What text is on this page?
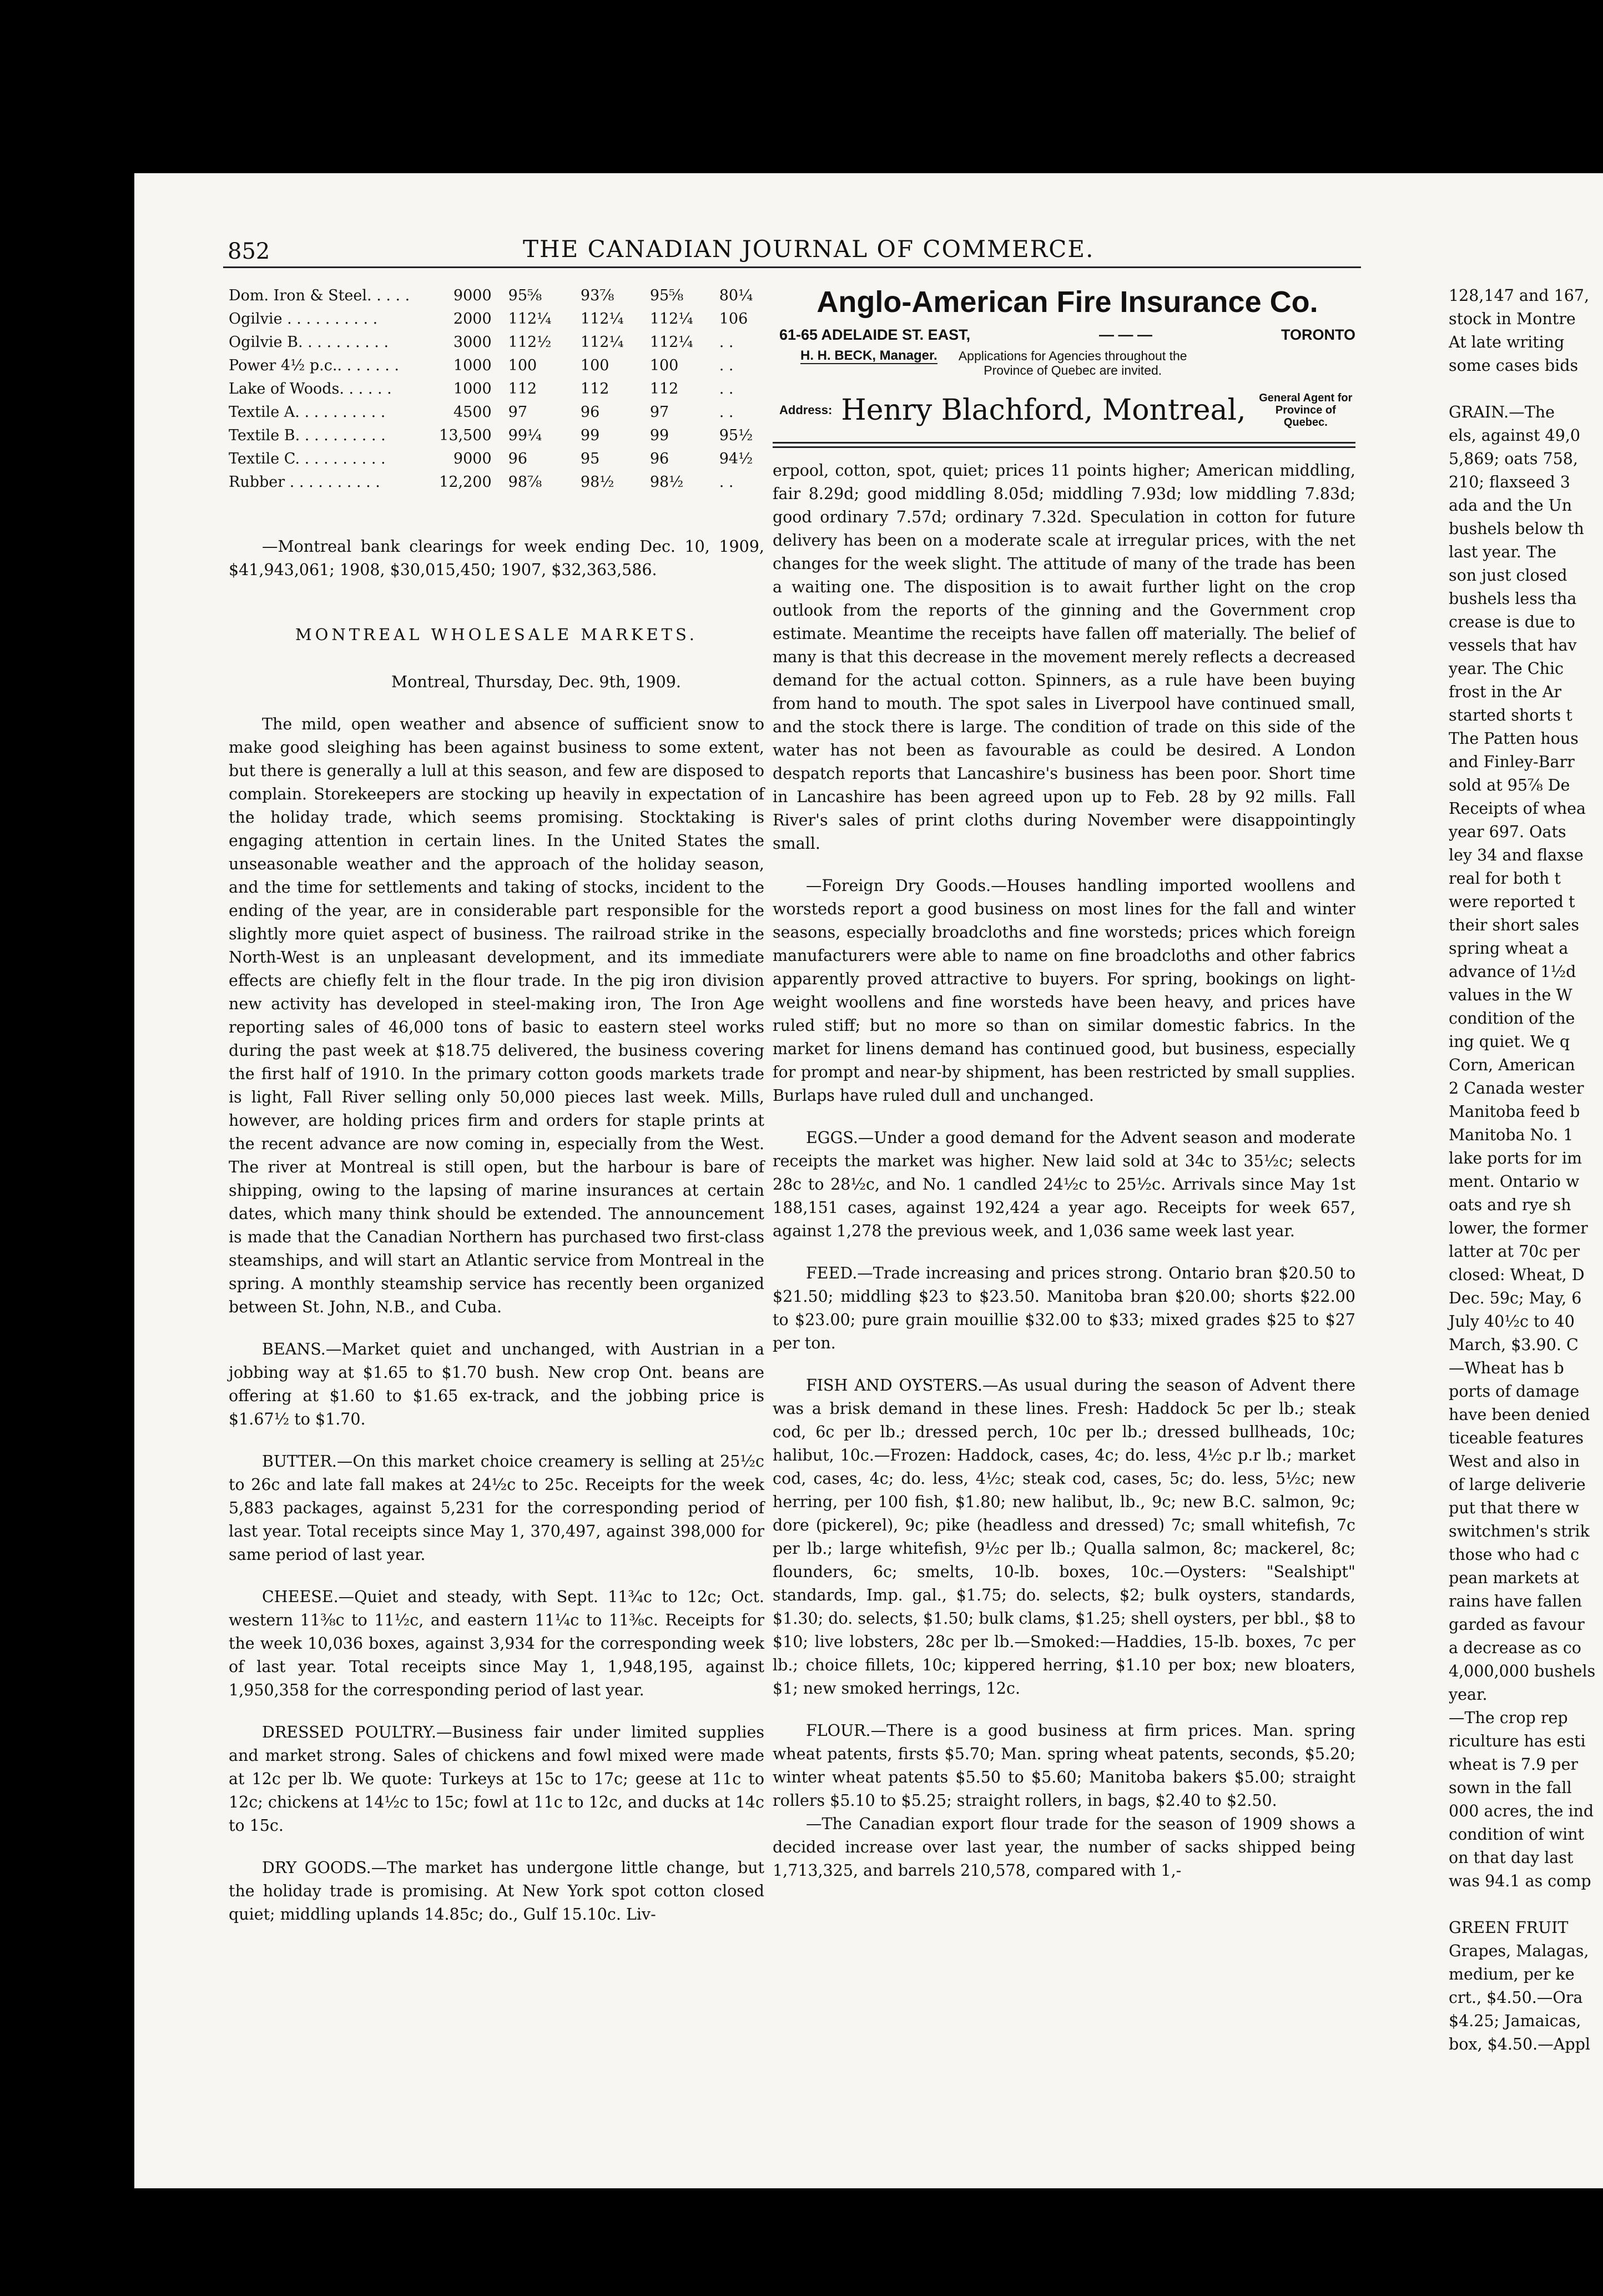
852	THE CANADIAN JOURNAL OF COMMERCE.
Dom. Iron & Steel. . . . .	9000	95⅝	93⅞	95⅝	80¼
Ogilvie . . . . . . . . . .	2000	112¼	112¼	112¼	106
Ogilvie B. . . . . . . . . .	3000	112½	112¼	112¼	. .
Power 4½ p.c.. . . . . . .	1000	100	100	100	. .
Lake of Woods. . . . . .	1000	112	112	112	. .
Textile A. . . . . . . . . .	4500	97	96	97	. .
Textile B. . . . . . . . . .	13,500	99¼	99	99	95½
Textile C. . . . . . . . . .	9000	96	95	96	94½
Rubber . . . . . . . . . .	12,200	98⅞	98½	98½	. .

—Montreal bank clearings for week ending Dec. 10, 1909, $41,943,061; 1908, $30,015,450; 1907, $32,363,586.

MONTREAL WHOLESALE MARKETS.
Montreal, Thursday, Dec. 9th, 1909.

The mild, open weather and absence of sufficient snow to make good sleighing has been against business to some extent, but there is generally a lull at this season, and few are disposed to complain. Storekeepers are stocking up heavily in expectation of the holiday trade, which seems promising. Stocktaking is engaging attention in certain lines. In the United States the unseasonable weather and the approach of the holiday season, and the time for settlements and taking of stocks, incident to the ending of the year, are in considerable part responsible for the slightly more quiet aspect of business. The railroad strike in the North-West is an unpleasant development, and its immediate effects are chiefly felt in the flour trade. In the pig iron division new activity has developed in steel-making iron, The Iron Age reporting sales of 46,000 tons of basic to eastern steel works during the past week at $18.75 delivered, the business covering the first half of 1910. In the primary cotton goods markets trade is light, Fall River selling only 50,000 pieces last week. Mills, however, are holding prices firm and orders for staple prints at the recent advance are now coming in, especially from the West. The river at Montreal is still open, but the harbour is bare of shipping, owing to the lapsing of marine insurances at certain dates, which many think should be extended. The announcement is made that the Canadian Northern has purchased two first-class steamships, and will start an Atlantic service from Montreal in the spring. A monthly steamship service has recently been organized between St. John, N.B., and Cuba.

BEANS.—Market quiet and unchanged, with Austrian in a jobbing way at $1.65 to $1.70 bush. New crop Ont. beans are offering at $1.60 to $1.65 ex-track, and the jobbing price is $1.67½ to $1.70.

BUTTER.—On this market choice creamery is selling at 25½c to 26c and late fall makes at 24½c to 25c. Receipts for the week 5,883 packages, against 5,231 for the corresponding period of last year. Total receipts since May 1, 370,497, against 398,000 for same period of last year.

CHEESE.—Quiet and steady, with Sept. 11¾c to 12c; Oct. western 11⅜c to 11½c, and eastern 11¼c to 11⅜c. Receipts for the week 10,036 boxes, against 3,934 for the corresponding week of last year. Total receipts since May 1, 1,948,195, against 1,950,358 for the corresponding period of last year.

DRESSED POULTRY.—Business fair under limited supplies and market strong. Sales of chickens and fowl mixed were made at 12c per lb. We quote: Turkeys at 15c to 17c; geese at 11c to 12c; chickens at 14½c to 15c; fowl at 11c to 12c, and ducks at 14c to 15c.

DRY GOODS.—The market has undergone little change, but the holiday trade is promising. At New York spot cotton closed quiet; middling uplands 14.85c; do., Gulf 15.10c. Liv-

Anglo-American Fire Insurance Co.
61-65 ADELAIDE ST. EAST,	— — —	TORONTO
H. H. BECK, Manager. Applications for Agencies throughout the Province of Quebec are invited.
Address: Henry Blachford, Montreal, General Agent for Province of Quebec.

erpool, cotton, spot, quiet; prices 11 points higher; American middling, fair 8.29d; good middling 8.05d; middling 7.93d; low middling 7.83d; good ordinary 7.57d; ordinary 7.32d. Speculation in cotton for future delivery has been on a moderate scale at irregular prices, with the net changes for the week slight. The attitude of many of the trade has been a waiting one. The disposition is to await further light on the crop outlook from the reports of the ginning and the Government crop estimate. Meantime the receipts have fallen off materially. The belief of many is that this decrease in the movement merely reflects a decreased demand for the actual cotton. Spinners, as a rule have been buying from hand to mouth. The spot sales in Liverpool have continued small, and the stock there is large. The condition of trade on this side of the water has not been as favourable as could be desired. A London despatch reports that Lancashire's business has been poor. Short time in Lancashire has been agreed upon up to Feb. 28 by 92 mills. Fall River's sales of print cloths during November were disappointingly small.

—Foreign Dry Goods.—Houses handling imported woollens and worsteds report a good business on most lines for the fall and winter seasons, especially broadcloths and fine worsteds; prices which foreign manufacturers were able to name on fine broadcloths and other fabrics apparently proved attractive to buyers. For spring, bookings on light-weight woollens and fine worsteds have been heavy, and prices have ruled stiff; but no more so than on similar domestic fabrics. In the market for linens demand has continued good, but business, especially for prompt and near-by shipment, has been restricted by small supplies. Burlaps have ruled dull and unchanged.

EGGS.—Under a good demand for the Advent season and moderate receipts the market was higher. New laid sold at 34c to 35½c; selects 28c to 28½c, and No. 1 candled 24½c to 25½c. Arrivals since May 1st 188,151 cases, against 192,424 a year ago. Receipts for week 657, against 1,278 the previous week, and 1,036 same week last year.

FEED.—Trade increasing and prices strong. Ontario bran $20.50 to $21.50; middling $23 to $23.50. Manitoba bran $20.00; shorts $22.00 to $23.00; pure grain mouillie $32.00 to $33; mixed grades $25 to $27 per ton.

FISH AND OYSTERS.—As usual during the season of Advent there was a brisk demand in these lines. Fresh: Haddock 5c per lb.; steak cod, 6c per lb.; dressed perch, 10c per lb.; dressed bullheads, 10c; halibut, 10c.—Frozen: Haddock, cases, 4c; do. less, 4½c p.r lb.; market cod, cases, 4c; do. less, 4½c; steak cod, cases, 5c; do. less, 5½c; new herring, per 100 fish, $1.80; new halibut, lb., 9c; new B.C. salmon, 9c; dore (pickerel), 9c; pike (headless and dressed) 7c; small whitefish, 7c per lb.; large whitefish, 9½c per lb.; Qualla salmon, 8c; mackerel, 8c; flounders, 6c; smelts, 10-lb. boxes, 10c.—Oysters: "Sealshipt" standards, Imp. gal., $1.75; do. selects, $2; bulk oysters, standards, $1.30; do. selects, $1.50; bulk clams, $1.25; shell oysters, per bbl., $8 to $10; live lobsters, 28c per lb.—Smoked:—Haddies, 15-lb. boxes, 7c per lb.; choice fillets, 10c; kippered herring, $1.10 per box; new bloaters, $1; new smoked herrings, 12c.

FLOUR.—There is a good business at firm prices. Man. spring wheat patents, firsts $5.70; Man. spring wheat patents, seconds, $5.20; winter wheat patents $5.50 to $5.60; Manitoba bakers $5.00; straight rollers $5.10 to $5.25; straight rollers, in bags, $2.40 to $2.50.

—The Canadian export flour trade for the season of 1909 shows a decided increase over last year, the number of sacks shipped being 1,713,325, and barrels 210,578, compared with 1,-

128,147 and 167,
stock in Montre
At late writing
some cases bids
GRAIN.—The
els, against 49,0
5,869; oats 758,
210; flaxseed 3
ada and the Un
bushels below th
last year. The
son just closed
bushels less tha
crease is due to
vessels that hav
year. The Chic
frost in the Ar
started shorts t
The Patten hous
and Finley-Barr
sold at 95⅞ De
Receipts of whea
year 697. Oats
ley 34 and flaxse
real for both t
were reported t
their short sales
spring wheat a
advance of 1½d
values in the W
condition of the
ing quiet. We q
Corn, American
2 Canada wester
Manitoba feed b
Manitoba No. 1
lake ports for im
ment. Ontario w
oats and rye sh
lower, the former
latter at 70c per
closed: Wheat, D
Dec. 59c; May, 6
July 40½c to 40
March, $3.90. C
—Wheat has b
ports of damage
have been denied
ticeable features
West and also in
of large deliverie
put that there w
switchmen's strik
those who had c
pean markets at
rains have fallen
garded as favour
a decrease as co
4,000,000 bushels
year.
—The crop rep
riculture has esti
wheat is 7.9 per
sown in the fall
000 acres, the ind
condition of wint
on that day last
was 94.1 as comp
GREEN FRUIT
Grapes, Malagas,
medium, per ke
crt., $4.50.—Ora
$4.25; Jamaicas,
box, $4.50.—Appl
